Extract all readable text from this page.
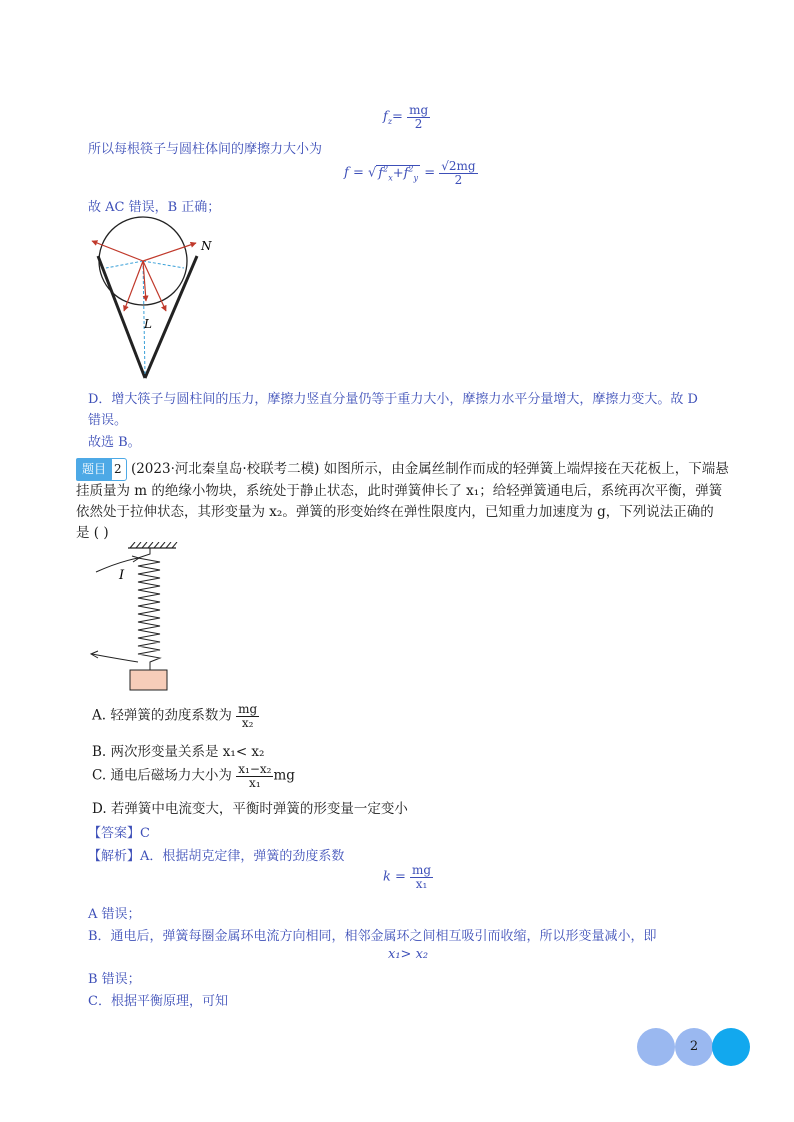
$f_z= \frac{mg}{2}$
所以每根筷子与圆柱体间的摩擦力大小为
f = √ $f^2_x+f^2_y = \frac{√2mg}{2}$
故 AC 错误，B 正确；
N
L
D．增大筷子与圆柱间的压力，摩擦力竖直分量仍等于重力大小，摩擦力水平分量增大，摩擦力变大。故 D
错误。
故选 B。
题目 2 (2023·河北秦皇岛·校联考二模) 如图所示，由金属丝制作而成的轻弹簧上端焊接在天花板上，下端悬
挂质量为 m 的绝缘小物块，系统处于静止状态，此时弹簧伸长了 x₁；给轻弹簧通电后，系统再次平衡，弹簧
依然处于拉伸状态，其形变量为 x₂。弹簧的形变始终在弹性限度内，已知重力加速度为 g，下列说法正确的
是 ( )
I
A. 轻弹簧的劲度系数为 $\frac{mg}{\text{x₂}}$
B. 两次形变量关系是 x₁< x₂
C. 通电后磁场力大小为 $\frac{\text{x₁−x₂}}{\text{x₁}}$ mg
D. 若弹簧中电流变大，平衡时弹簧的形变量一定变小
【答案】C
【解析】A．根据胡克定律，弹簧的劲度系数
$k = \frac{mg}{\text{x₁}}$
A 错误；
B．通电后，弹簧每圈金属环电流方向相同，相邻金属环之间相互吸引而收缩，所以形变量减小，即
x₁> x₂
B 错误；
C．根据平衡原理，可知
2
